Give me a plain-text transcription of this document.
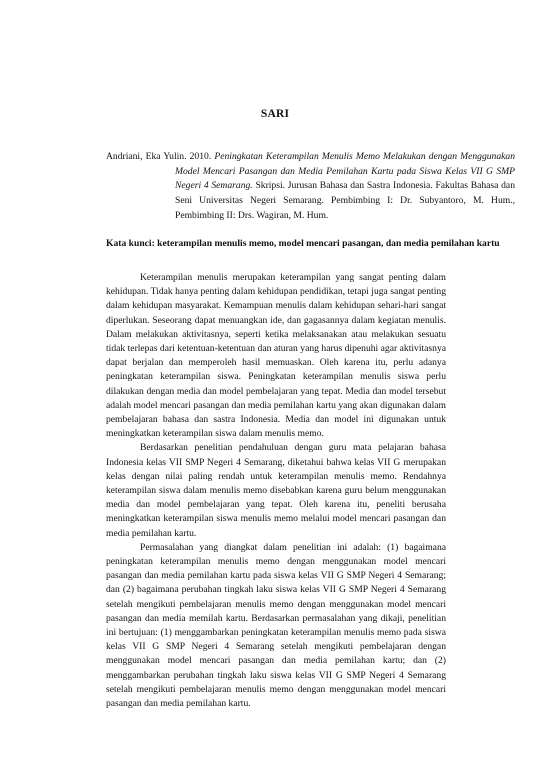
SARI
Andriani, Eka Yulin. 2010. Peningkatan Keterampilan Menulis Memo Melakukan dengan Menggunakan Model Mencari Pasangan dan Media Pemilahan Kartu pada Siswa Kelas VII G SMP Negeri 4 Semarang. Skripsi. Jurusan Bahasa dan Sastra Indonesia. Fakultas Bahasa dan Seni Universitas Negeri Semarang. Pembimbing I: Dr. Subyantoro, M. Hum., Pembimbing II: Drs. Wagiran, M. Hum.
Kata kunci: keterampilan menulis memo, model mencari pasangan, dan media pemilahan kartu

Keterampilan menulis merupakan keterampilan yang sangat penting dalam kehidupan. Tidak hanya penting dalam kehidupan pendidikan, tetapi juga sangat penting dalam kehidupan masyarakat. Kemampuan menulis dalam kehidupan sehari-hari sangat diperlukan. Seseorang dapat menuangkan ide, dan gagasannya dalam kegiatan menulis. Dalam melakukan aktivitasnya, seperti ketika melaksanakan atau melakukan sesuatu tidak terlepas dari ketentuan-ketentuan dan aturan yang harus dipenuhi agar aktivitasnya dapat berjalan dan memperoleh hasil memuaskan. Oleh karena itu, perlu adanya peningkatan keterampilan siswa. Peningkatan keterampilan menulis siswa perlu dilakukan dengan media dan model pembelajaran yang tepat. Media dan model tersebut adalah model mencari pasangan dan media pemilahan kartu yang akan digunakan dalam pembelajaran bahasa dan sastra Indonesia. Media dan model ini digunakan untuk meningkatkan keterampilan siswa dalam menulis memo.

Berdasarkan penelitian pendahuluan dengan guru mata pelajaran bahasa Indonesia kelas VII SMP Negeri 4 Semarang, diketahui bahwa kelas VII G merupakan kelas dengan nilai paling rendah untuk keterampilan menulis memo. Rendahnya keterampilan siswa dalam menulis memo disebabkan karena guru belum menggunakan media dan model pembelajaran yang tepat. Oleh karena itu, peneliti berusaha meningkatkan keterampilan siswa menulis memo melalui model mencari pasangan dan media pemilahan kartu.

Permasalahan yang diangkat dalam penelitian ini adalah: (1) bagaimana peningkatan keterampilan menulis memo dengan menggunakan model mencari pasangan dan media pemilahan kartu pada siswa kelas VII G SMP Negeri 4 Semarang; dan (2) bagaimana perubahan tingkah laku siswa kelas VII G SMP Negeri 4 Semarang setelah mengikuti pembelajaran menulis memo dengan menggunakan model mencari pasangan dan media memilah kartu. Berdasarkan permasalahan yang dikaji, penelitian ini bertujuan: (1) menggambarkan peningkatan keterampilan menulis memo pada siswa kelas VII G SMP Negeri 4 Semarang setelah mengikuti pembelajaran dengan menggunakan model mencari pasangan dan media pemilahan kartu; dan (2) menggambarkan perubahan tingkah laku siswa kelas VII G SMP Negeri 4 Semarang setelah mengikuti pembelajaran menulis memo dengan menggunakan model mencari pasangan dan media pemilahan kartu.
